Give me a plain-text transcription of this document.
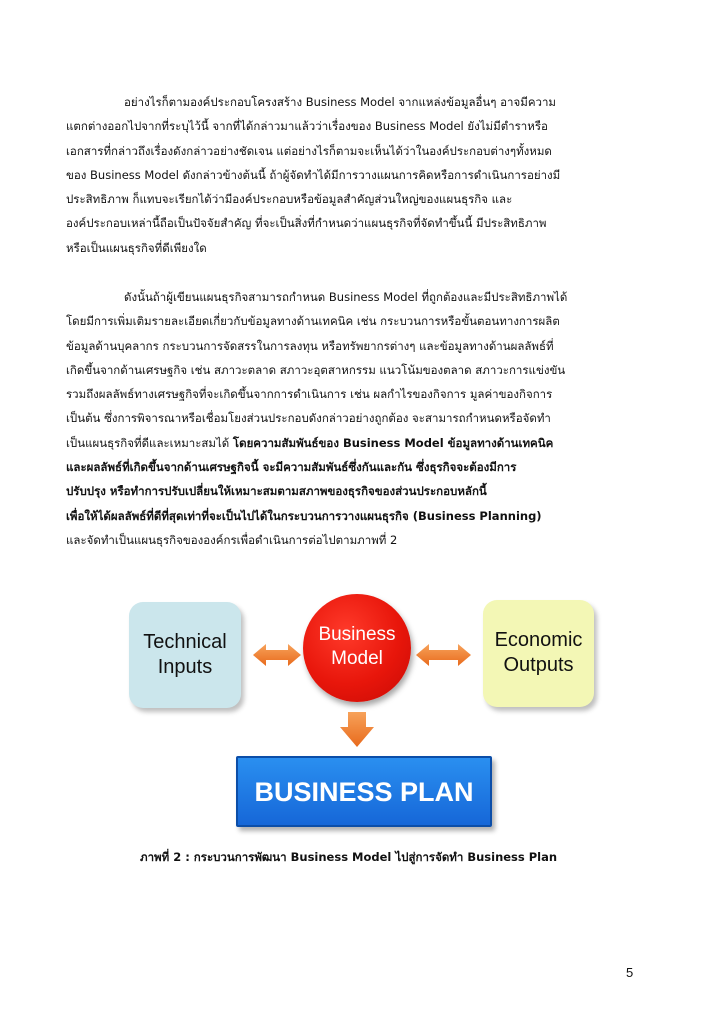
อย่างไรก็ตามองค์ประกอบโครงสร้าง Business Model จากแหล่งข้อมูลอื่นๆ อาจมีความ
แตกต่างออกไปจากที่ระบุไว้นี้ จากที่ได้กล่าวมาแล้วว่าเรื่องของ Business Model ยังไม่มีตำราหรือ
เอกสารที่กล่าวถึงเรื่องดังกล่าวอย่างชัดเจน แต่อย่างไรก็ตามจะเห็นได้ว่าในองค์ประกอบต่างๆทั้งหมด
ของ Business Model ดังกล่าวข้างต้นนี้ ถ้าผู้จัดทำได้มีการวางแผนการคิดหรือการดำเนินการอย่างมี
ประสิทธิภาพ ก็แทบจะเรียกได้ว่ามีองค์ประกอบหรือข้อมูลสำคัญส่วนใหญ่ของแผนธุรกิจ และ
องค์ประกอบเหล่านี้ถือเป็นปัจจัยสำคัญ ที่จะเป็นสิ่งที่กำหนดว่าแผนธุรกิจที่จัดทำขึ้นนี้ มีประสิทธิภาพ
หรือเป็นแผนธุรกิจที่ดีเพียงใด
ดังนั้นถ้าผู้เขียนแผนธุรกิจสามารถกำหนด Business Model ที่ถูกต้องและมีประสิทธิภาพได้
โดยมีการเพิ่มเติมรายละเอียดเกี่ยวกับข้อมูลทางด้านเทคนิค เช่น กระบวนการหรือขั้นตอนทางการผลิต
ข้อมูลด้านบุคลากร กระบวนการจัดสรรในการลงทุน หรือทรัพยากรต่างๆ และข้อมูลทางด้านผลลัพธ์ที่
เกิดขึ้นจากด้านเศรษฐกิจ เช่น สภาวะตลาด สภาวะอุตสาหกรรม แนวโน้มของตลาด สภาวะการแข่งขัน
รวมถึงผลลัพธ์ทางเศรษฐกิจที่จะเกิดขึ้นจากการดำเนินการ เช่น ผลกำไรของกิจการ มูลค่าของกิจการ
เป็นต้น ซึ่งการพิจารณาหรือเชื่อมโยงส่วนประกอบดังกล่าวอย่างถูกต้อง จะสามารถกำหนดหรือจัดทำ
เป็นแผนธุรกิจที่ดีและเหมาะสมได้ โดยความสัมพันธ์ของ Business Model ข้อมูลทางด้านเทคนิค
และผลลัพธ์ที่เกิดขึ้นจากด้านเศรษฐกิจนี้ จะมีความสัมพันธ์ซึ่งกันและกัน ซึ่งธุรกิจจะต้องมีการ
ปรับปรุง หรือทำการปรับเปลี่ยนให้เหมาะสมตามสภาพของธุรกิจของส่วนประกอบหลักนี้
เพื่อให้ได้ผลลัพธ์ที่ดีที่สุดเท่าที่จะเป็นไปได้ในกระบวนการวางแผนธุรกิจ (Business Planning)
และจัดทำเป็นแผนธุรกิจขององค์กรเพื่อดำเนินการต่อไปตามภาพที่ 2
Technical
Inputs
Business
Model
Economic
Outputs
BUSINESS PLAN
ภาพที่ 2 : กระบวนการพัฒนา Business Model ไปสู่การจัดทำ Business Plan
5
